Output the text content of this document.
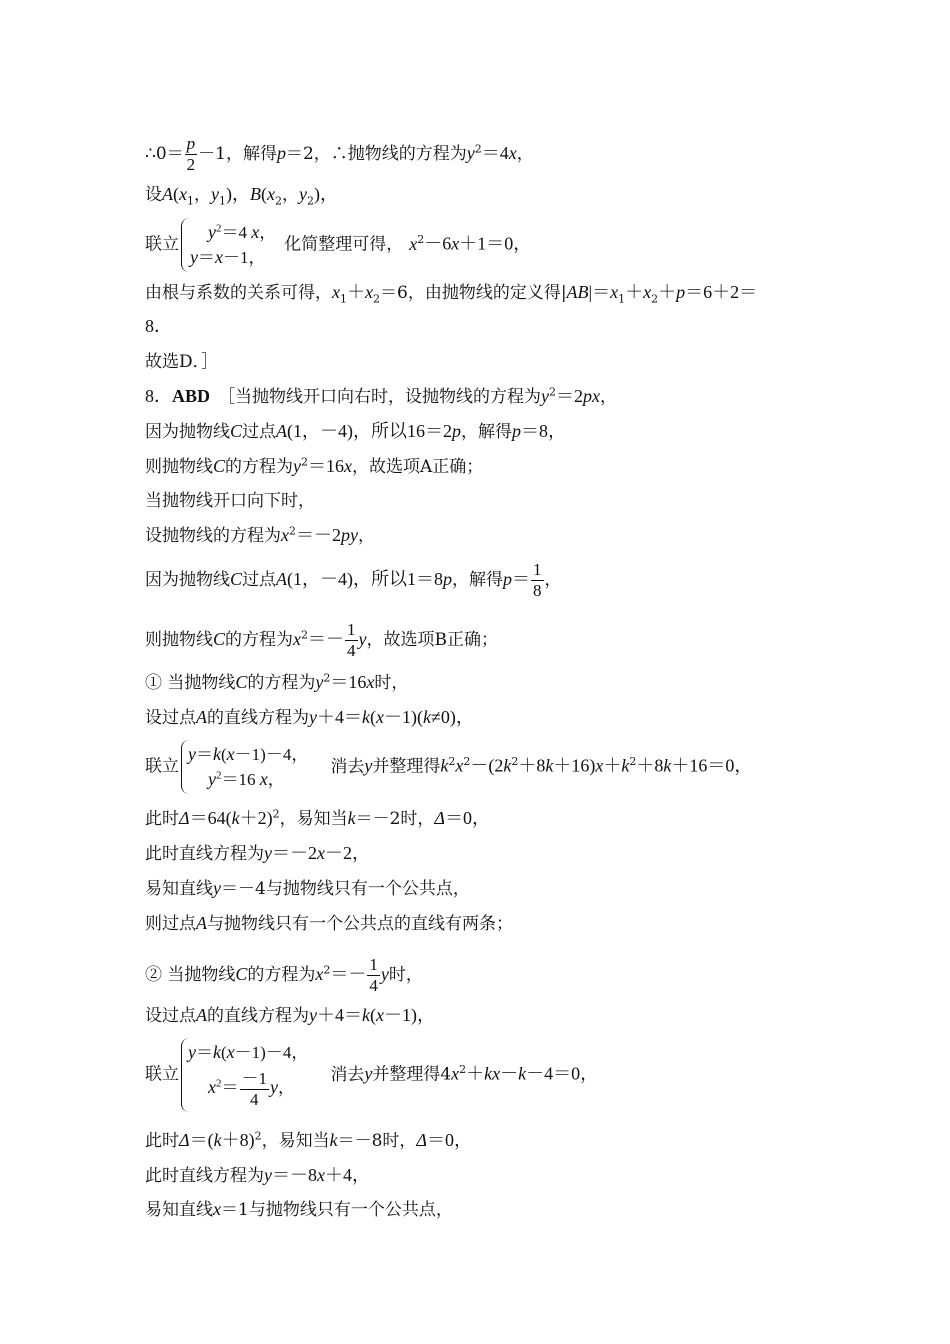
∴0＝ $\frac{p}{2} -1$，解得p＝2，∴抛物线的方程为$y^2=4x$，
设$A(x_1$，$y_1$)，$B(x_2$，$y_2$)，
联立
$y^2=4$ x，
y＝x－1，
化简整理可得， $x^2-6x+1=0$，
由根与系数的关系可得，$x_1+x_2=6$，由抛物线的定义得$|AB|=x_1+x_2+p=6+2=$
8．
故选D．］
8．ABD ［当抛物线开口向右时，设抛物线的方程为$y^2=2px$，
因为抛物线C过点A(1，－4)，所以16＝2p，解得p＝8，
则抛物线C的方程为$y^2=16x$，故选项A正确；
当抛物线开口向下时，
设抛物线的方程为$x^2=-2py$，
因为抛物线C过点A(1，－4)，所以1＝8p，解得$p= \frac{1}{8}$ ，
则抛物线C的方程为$x^2=- \frac{1}{4}$ y，故选项B正确；
① 当抛物线C的方程为$y^2=16x$时，
设过点A的直线方程为y＋4＝k(x－1)(k≠0)，
联立
y＝k(x－1)－4，
$y^2=16$ x，
消去y并整理得$k^2x^2-(2k^2+8k+16)x+k^2+8k+16=0$，
此时$\Delta=64(k+2)^2$，易知当k＝－2时，Δ＝0，
此时直线方程为y＝－2x－2，
易知直线y＝－4与抛物线只有一个公共点，
则过点A与抛物线只有一个公共点的直线有两条；
② 当抛物线C的方程为$x^2=- \frac{1}{4}$ y时，
设过点A的直线方程为y＋4＝k(x－1)，
联立
y＝k(x－1)－4，
$x^2= \frac{-1}{4}$ y，
消去y并整理得$4x^2+kx-k-4=0$，
此时$\Delta=(k+8)^2$，易知当k＝－8时，Δ＝0，
此时直线方程为y＝－8x＋4，
易知直线x＝1与抛物线只有一个公共点，
